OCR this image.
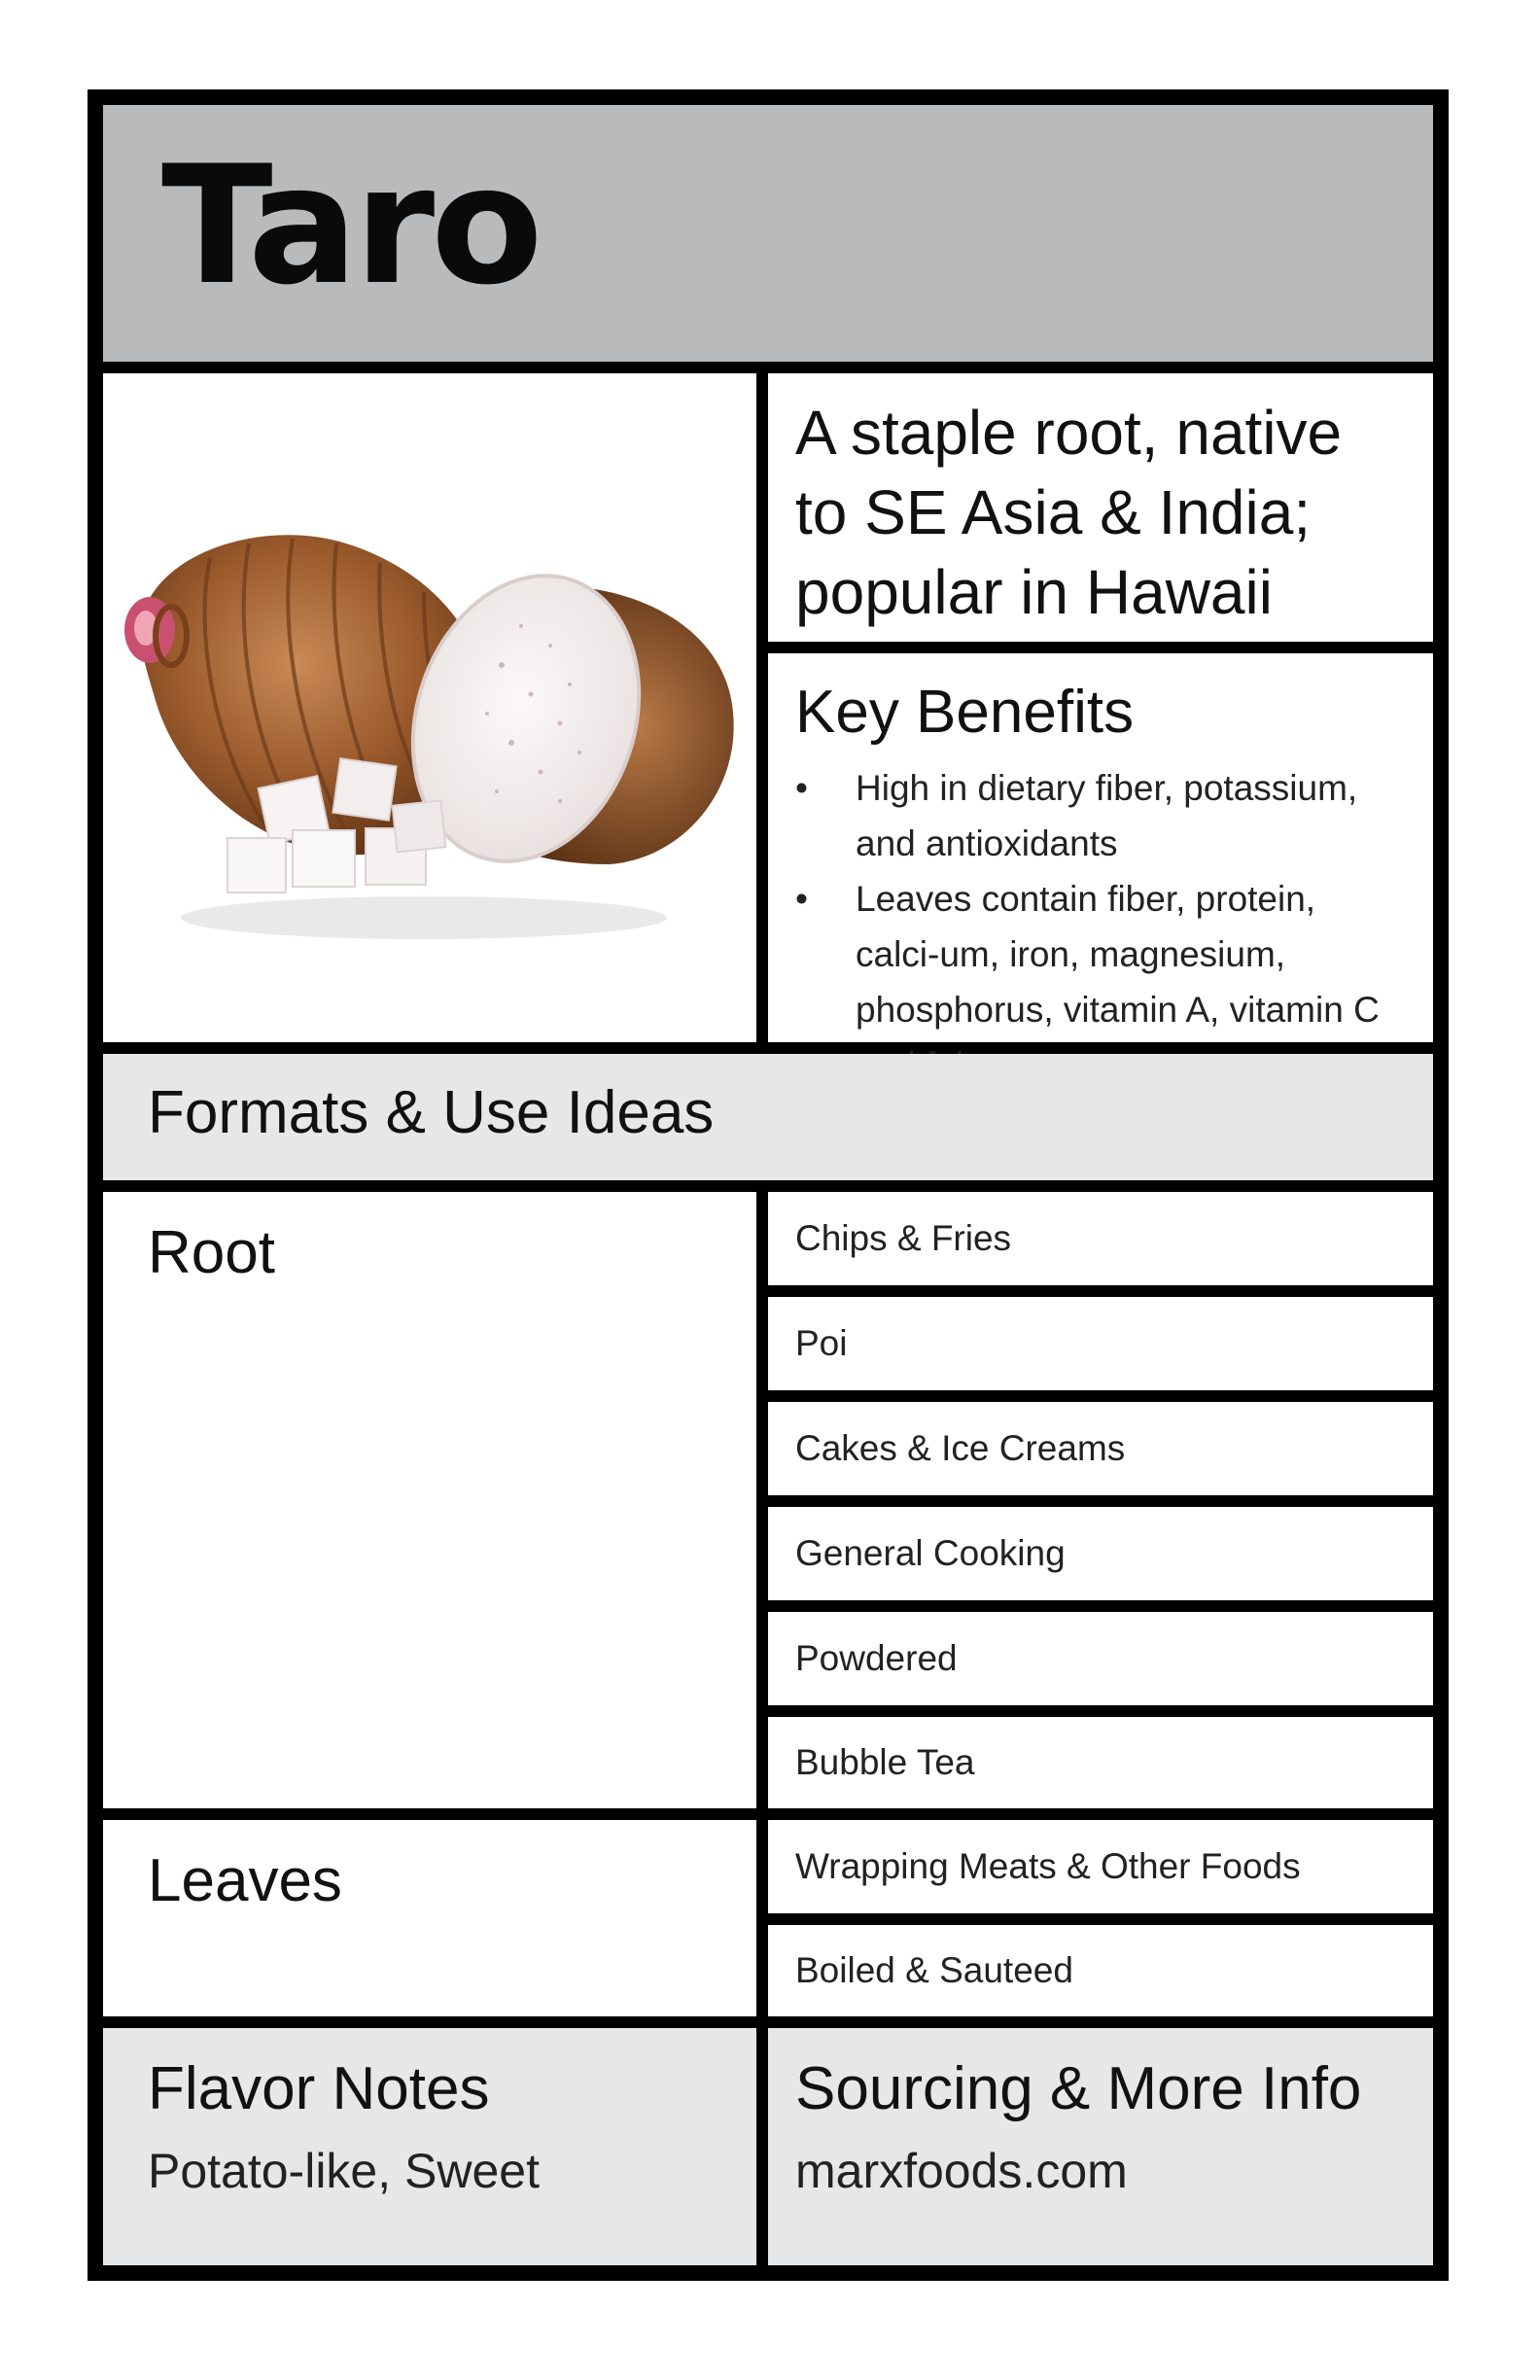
Taro
A staple root, native to SE Asia & India; popular in Hawaii
Key Benefits
• High in dietary fiber, potassium, and antioxidants
• Leaves contain fiber, protein, calci-um, iron, magnesium, phosphorus, vitamin A, vitamin C
Formats & Use Ideas
Root	Chips & Fries
Poi
Cakes & Ice Creams
General Cooking
Powdered
Bubble Tea
Leaves	Wrapping Meats & Other Foods
Boiled & Sauteed
Flavor Notes
Potato-like, Sweet
Sourcing & More Info
marxfoods.com
